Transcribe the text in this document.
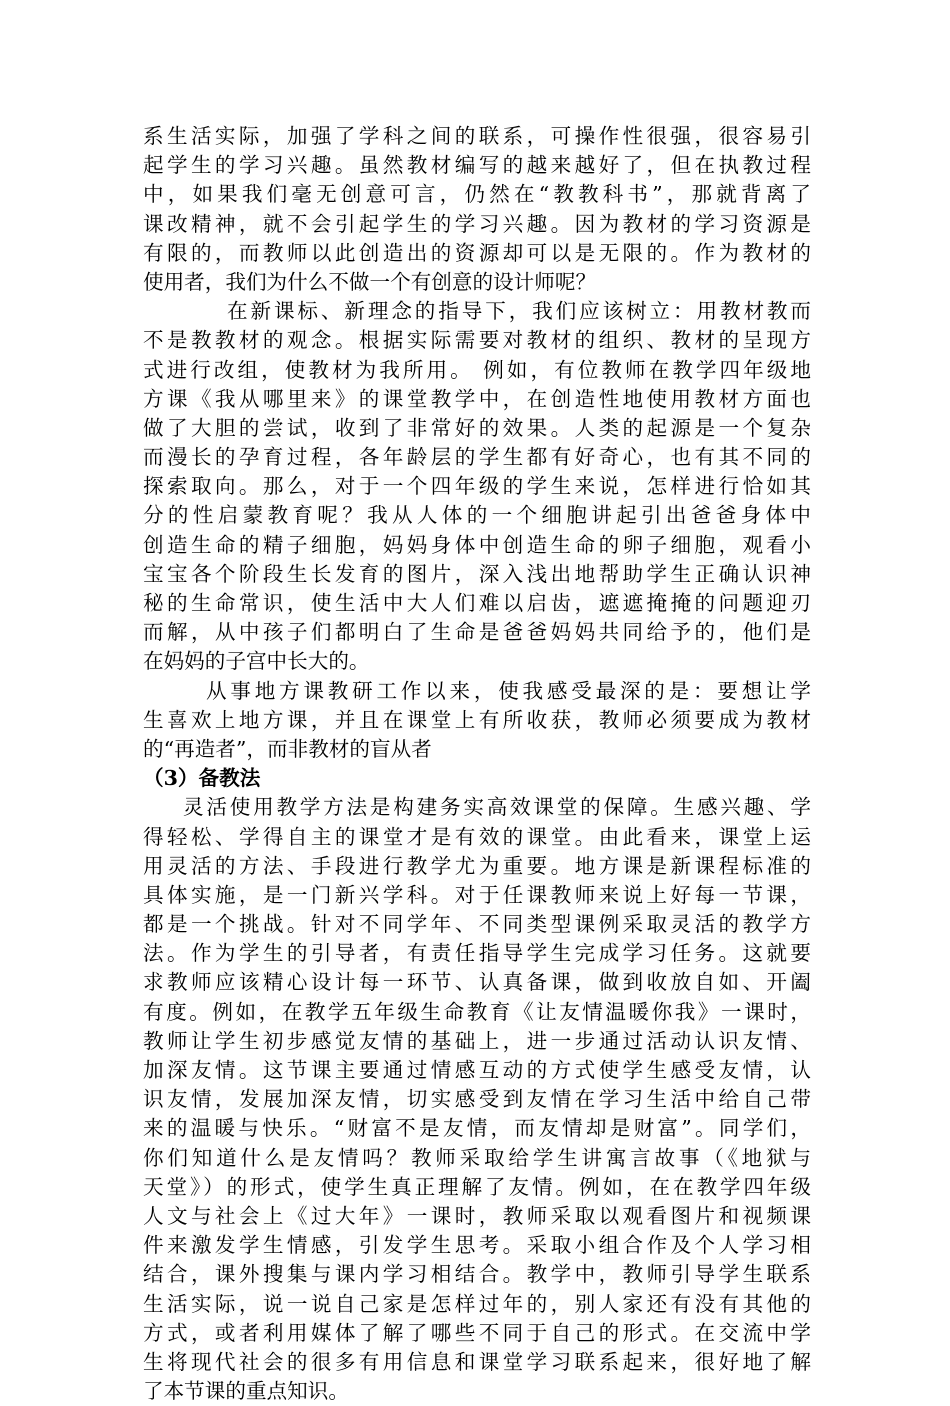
系生活实际，加强了学科之间的联系，可操作性很强，很容易引
起学生的学习兴趣。虽然教材编写的越来越好了，但在执教过程
中，如果我们毫无创意可言，仍然在“教教科书”，那就背离了
课改精神，就不会引起学生的学习兴趣。因为教材的学习资源是
有限的，而教师以此创造出的资源却可以是无限的。作为教材的
使用者，我们为什么不做一个有创意的设计师呢？
在新课标、新理念的指导下，我们应该树立：用教材教而
不是教教材的观念。根据实际需要对教材的组织、教材的呈现方
式进行改组，使教材为我所用。 例如，有位教师在教学四年级地
方课《我从哪里来》的课堂教学中，在创造性地使用教材方面也
做了大胆的尝试，收到了非常好的效果。人类的起源是一个复杂
而漫长的孕育过程，各年龄层的学生都有好奇心，也有其不同的
探索取向。那么，对于一个四年级的学生来说，怎样进行恰如其
分的性启蒙教育呢？我从人体的一个细胞讲起引出爸爸身体中
创造生命的精子细胞，妈妈身体中创造生命的卵子细胞，观看小
宝宝各个阶段生长发育的图片，深入浅出地帮助学生正确认识神
秘的生命常识，使生活中大人们难以启齿，遮遮掩掩的问题迎刃
而解，从中孩子们都明白了生命是爸爸妈妈共同给予的，他们是
在妈妈的子宫中长大的。
从事地方课教研工作以来，使我感受最深的是：要想让学
生喜欢上地方课，并且在课堂上有所收获，教师必须要成为教材
的“再造者”，而非教材的盲从者
（3）备教法
灵活使用教学方法是构建务实高效课堂的保障。生感兴趣、学
得轻松、学得自主的课堂才是有效的课堂。由此看来，课堂上运
用灵活的方法、手段进行教学尤为重要。地方课是新课程标准的
具体实施，是一门新兴学科。对于任课教师来说上好每一节课，
都是一个挑战。针对不同学年、不同类型课例采取灵活的教学方
法。作为学生的引导者，有责任指导学生完成学习任务。这就要
求教师应该精心设计每一环节、认真备课，做到收放自如、开阖
有度。例如，在教学五年级生命教育《让友情温暖你我》一课时，
教师让学生初步感觉友情的基础上，进一步通过活动认识友情、
加深友情。这节课主要通过情感互动的方式使学生感受友情，认
识友情，发展加深友情，切实感受到友情在学习生活中给自己带
来的温暖与快乐。“财富不是友情，而友情却是财富”。同学们，
你们知道什么是友情吗？教师采取给学生讲寓言故事（《地狱与
天堂》）的形式，使学生真正理解了友情。例如，在在教学四年级
人文与社会上《过大年》一课时，教师采取以观看图片和视频课
件来激发学生情感，引发学生思考。采取小组合作及个人学习相
结合，课外搜集与课内学习相结合。教学中，教师引导学生联系
生活实际，说一说自己家是怎样过年的，别人家还有没有其他的
方式，或者利用媒体了解了哪些不同于自己的形式。在交流中学
生将现代社会的很多有用信息和课堂学习联系起来，很好地了解
了本节课的重点知识。
